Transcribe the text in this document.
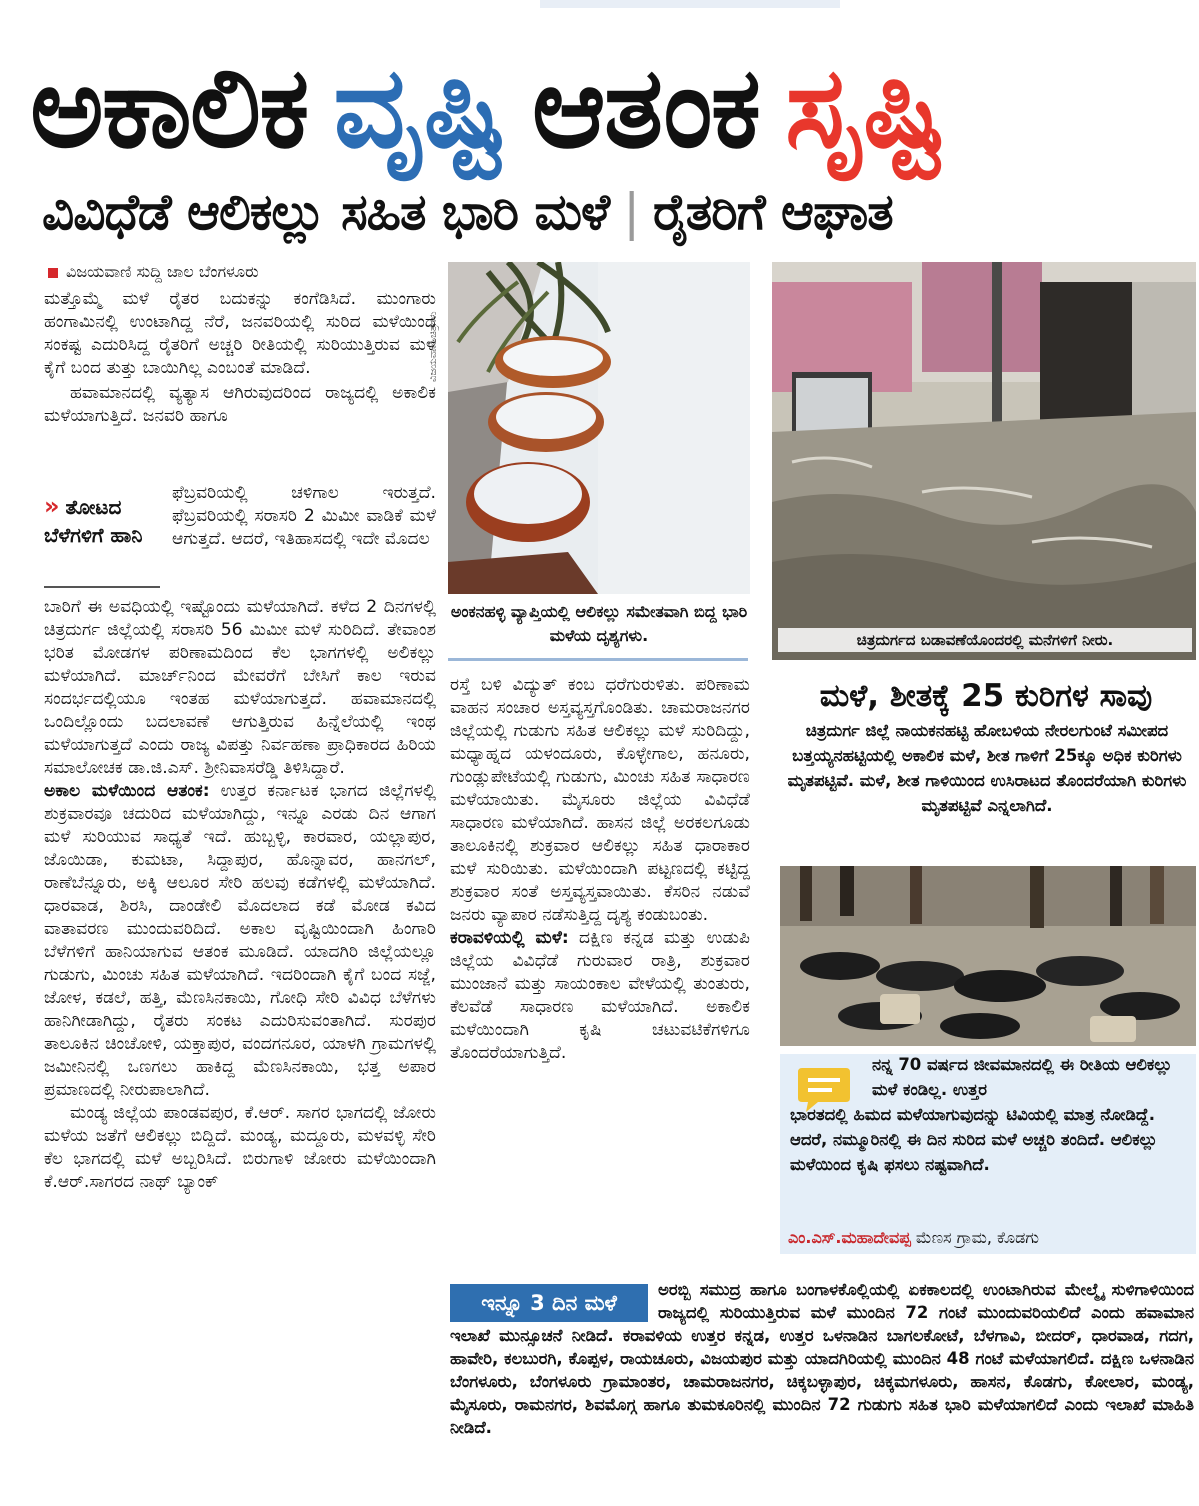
ಅಕಾಲಿಕ ವೃಷ್ಟಿ ಆತಂಕ ಸೃಷ್ಟಿ
ವಿವಿಧೆಡೆ ಆಲಿಕಲ್ಲು ಸಹಿತ ಭಾರಿ ಮಳೆ | ರೈತರಿಗೆ ಆಘಾತ
ವಿಜಯವಾಣಿ ಸುದ್ದಿ ಜಾಲ ಬೆಂಗಳೂರು

ಮತ್ತೊಮ್ಮೆ ಮಳೆ ರೈತರ ಬದುಕನ್ನು ಕಂಗೆಡಿಸಿದೆ. ಮುಂಗಾರು ಹಂಗಾಮಿನಲ್ಲಿ ಉಂಟಾಗಿದ್ದ ನೆರೆ, ಜನವರಿಯಲ್ಲಿ ಸುರಿದ ಮಳೆಯಿಂದ ಸಂಕಷ್ಟ ಎದುರಿಸಿದ್ದ ರೈತರಿಗೆ ಅಚ್ಚರಿ ರೀತಿಯಲ್ಲಿ ಸುರಿಯುತ್ತಿರುವ ಮಳೆ ಕೈಗೆ ಬಂದ ತುತ್ತು ಬಾಯಿಗಿಲ್ಲ ಎಂಬಂತೆ ಮಾಡಿದೆ.

ಹವಾಮಾನದಲ್ಲಿ ವ್ಯತ್ಯಾಸ ಆಗಿರುವುದರಿಂದ ರಾಜ್ಯದಲ್ಲಿ ಅಕಾಲಿಕ ಮಳೆಯಾಗುತ್ತಿದೆ. ಜನವರಿ ಹಾಗೂ

» ತೋಟದ ಬೆಳೆಗಳಿಗೆ ಹಾನಿ

ಫೆಬ್ರವರಿಯಲ್ಲಿ ಚಳಿಗಾಲ ಇರುತ್ತದೆ. ಫೆಬ್ರವರಿಯಲ್ಲಿ ಸರಾಸರಿ 2 ಮಿಮೀ ವಾಡಿಕೆ ಮಳೆ ಆಗುತ್ತದೆ. ಆದರೆ, ಇತಿಹಾಸದಲ್ಲಿ ಇದೇ ಮೊದಲ

ಬಾರಿಗೆ ಈ ಅವಧಿಯಲ್ಲಿ ಇಷ್ಟೊಂದು ಮಳೆಯಾಗಿದೆ. ಕಳೆದ 2 ದಿನಗಳಲ್ಲಿ ಚಿತ್ರದುರ್ಗ ಜಿಲ್ಲೆಯಲ್ಲಿ ಸರಾಸರಿ 56 ಮಿಮೀ ಮಳೆ ಸುರಿದಿದೆ. ತೇವಾಂಶ ಭರಿತ ಮೋಡಗಳ ಪರಿಣಾಮದಿಂದ ಕೆಲ ಭಾಗಗಳಲ್ಲಿ ಅಲಿಕಲ್ಲು ಮಳೆಯಾಗಿದೆ. ಮಾರ್ಚ್‌ನಿಂದ ಮೇವರೆಗೆ ಬೇಸಿಗೆ ಕಾಲ ಇರುವ ಸಂದರ್ಭದಲ್ಲಿಯೂ ಇಂತಹ ಮಳೆಯಾಗುತ್ತದೆ. ಹವಾಮಾನದಲ್ಲಿ ಒಂದಿಲ್ಲೊಂದು ಬದಲಾವಣೆ ಆಗುತ್ತಿರುವ ಹಿನ್ನೆಲೆಯಲ್ಲಿ ಇಂಥ ಮಳೆಯಾಗುತ್ತದೆ ಎಂದು ರಾಜ್ಯ ವಿಪತ್ತು ನಿರ್ವಹಣಾ ಪ್ರಾಧಿಕಾರದ ಹಿರಿಯ ಸಮಾಲೋಚಕ ಡಾ.ಜಿ.ಎಸ್. ಶ್ರೀನಿವಾಸರೆಡ್ಡಿ ತಿಳಿಸಿದ್ದಾರೆ.

ಅಕಾಲ ಮಳೆಯಿಂದ ಆತಂಕ: ಉತ್ತರ ಕರ್ನಾಟಕ ಭಾಗದ ಜಿಲ್ಲೆಗಳಲ್ಲಿ ಶುಕ್ರವಾರವೂ ಚದುರಿದ ಮಳೆಯಾಗಿದ್ದು, ಇನ್ನೂ ಎರಡು ದಿನ ಆಗಾಗ ಮಳೆ ಸುರಿಯುವ ಸಾಧ್ಯತೆ ಇದೆ. ಹುಬ್ಬಳ್ಳಿ, ಕಾರವಾರ, ಯಲ್ಲಾಪುರ, ಜೊಯಿಡಾ, ಕುಮಟಾ, ಸಿದ್ದಾಪುರ, ಹೊನ್ನಾವರ, ಹಾನಗಲ್, ರಾಣೆಬೆನ್ನೂರು, ಅಕ್ಕಿ ಆಲೂರ ಸೇರಿ ಹಲವು ಕಡೆಗಳಲ್ಲಿ ಮಳೆಯಾಗಿದೆ. ಧಾರವಾಡ, ಶಿರಸಿ, ದಾಂಡೇಲಿ ಮೊದಲಾದ ಕಡೆ ಮೋಡ ಕವಿದ ವಾತಾವರಣ ಮುಂದುವರಿದಿದೆ. ಅಕಾಲ ವೃಷ್ಟಿಯಿಂದಾಗಿ ಹಿಂಗಾರಿ ಬೆಳೆಗಳಿಗೆ ಹಾನಿಯಾಗುವ ಆತಂಕ ಮೂಡಿದೆ. ಯಾದಗಿರಿ ಜಿಲ್ಲೆಯಲ್ಲೂ ಗುಡುಗು, ಮಿಂಚು ಸಹಿತ ಮಳೆಯಾಗಿದೆ. ಇದರಿಂದಾಗಿ ಕೈಗೆ ಬಂದ ಸಜ್ಜೆ, ಜೋಳ, ಕಡಲೆ, ಹತ್ತಿ, ಮೆಣಸಿನಕಾಯಿ, ಗೋಧಿ ಸೇರಿ ವಿವಿಧ ಬೆಳೆಗಳು ಹಾನಿಗೀಡಾಗಿದ್ದು, ರೈತರು ಸಂಕಟ ಎದುರಿಸುವಂತಾಗಿದೆ. ಸುರಪುರ ತಾಲೂಕಿನ ಚಿಂಚೋಳಿ, ಯಕ್ತಾಪುರ, ವಂದಗನೂರ, ಯಾಳಗಿ ಗ್ರಾಮಗಳಲ್ಲಿ ಜಮೀನಿನಲ್ಲಿ ಒಣಗಲು ಹಾಕಿದ್ದ ಮೆಣಸಿನಕಾಯಿ, ಭತ್ತ ಅಪಾರ ಪ್ರಮಾಣದಲ್ಲಿ ನೀರುಪಾಲಾಗಿದೆ.

ಮಂಡ್ಯ ಜಿಲ್ಲೆಯ ಪಾಂಡವಪುರ, ಕೆ.ಆರ್. ಸಾಗರ ಭಾಗದಲ್ಲಿ ಜೋರು ಮಳೆಯ ಜತೆಗೆ ಆಲಿಕಲ್ಲು ಬಿದ್ದಿದೆ. ಮಂಡ್ಯ, ಮದ್ದೂರು, ಮಳವಳ್ಳಿ ಸೇರಿ ಕೆಲ ಭಾಗದಲ್ಲಿ ಮಳೆ ಅಬ್ಬರಿಸಿದೆ. ಬಿರುಗಾಳಿ ಜೋರು ಮಳೆಯಿಂದಾಗಿ ಕೆ.ಆರ್.ಸಾಗರದ ನಾಥ್ ಬ್ಯಾಂಕ್

ವಿಜಯವಾಣಿ ಚಿತ್ರಗಳು
ಅಂಕನಹಳ್ಳಿ ವ್ಯಾಪ್ತಿಯಲ್ಲಿ ಆಲಿಕಲ್ಲು ಸಮೇತವಾಗಿ ಬಿದ್ದ ಭಾರಿ ಮಳೆಯ ದೃಶ್ಯಗಳು.

ರಸ್ತೆ ಬಳಿ ವಿದ್ಯುತ್ ಕಂಬ ಧರೆಗುರುಳಿತು. ಪರಿಣಾಮ ವಾಹನ ಸಂಚಾರ ಅಸ್ತವ್ಯಸ್ತಗೊಂಡಿತು. ಚಾಮರಾಜನಗರ ಜಿಲ್ಲೆಯಲ್ಲಿ ಗುಡುಗು ಸಹಿತ ಆಲಿಕಲ್ಲು ಮಳೆ ಸುರಿದಿದ್ದು, ಮಧ್ಯಾಹ್ನದ ಯಳಂದೂರು, ಕೊಳ್ಳೇಗಾಲ, ಹನೂರು, ಗುಂಡ್ಲುಪೇಟೆಯಲ್ಲಿ ಗುಡುಗು, ಮಿಂಚು ಸಹಿತ ಸಾಧಾರಣ ಮಳೆಯಾಯಿತು. ಮೈಸೂರು ಜಿಲ್ಲೆಯ ವಿವಿಧೆಡೆ ಸಾಧಾರಣ ಮಳೆಯಾಗಿದೆ. ಹಾಸನ ಜಿಲ್ಲೆ ಅರಕಲಗೂಡು ತಾಲೂಕಿನಲ್ಲಿ ಶುಕ್ರವಾರ ಆಲಿಕಲ್ಲು ಸಹಿತ ಧಾರಾಕಾರ ಮಳೆ ಸುರಿಯಿತು. ಮಳೆಯಿಂದಾಗಿ ಪಟ್ಟಣದಲ್ಲಿ ಕಟ್ಟಿದ್ದ ಶುಕ್ರವಾರ ಸಂತೆ ಅಸ್ತವ್ಯಸ್ತವಾಯಿತು. ಕೆಸರಿನ ನಡುವೆ ಜನರು ವ್ಯಾಪಾರ ನಡೆಸುತ್ತಿದ್ದ ದೃಶ್ಯ ಕಂಡುಬಂತು.

ಕರಾವಳಿಯಲ್ಲಿ ಮಳೆ: ದಕ್ಷಿಣ ಕನ್ನಡ ಮತ್ತು ಉಡುಪಿ ಜಿಲ್ಲೆಯ ವಿವಿಧೆಡೆ ಗುರುವಾರ ರಾತ್ರಿ, ಶುಕ್ರವಾರ ಮುಂಜಾನೆ ಮತ್ತು ಸಾಯಂಕಾಲ ವೇಳೆಯಲ್ಲಿ ತುಂತುರು, ಕೆಲವೆಡೆ ಸಾಧಾರಣ ಮಳೆಯಾಗಿದೆ. ಅಕಾಲಿಕ ಮಳೆಯಿಂದಾಗಿ ಕೃಷಿ ಚಟುವಟಿಕೆಗಳಿಗೂ ತೊಂದರೆಯಾಗುತ್ತಿದೆ.

ಚಿತ್ರದುರ್ಗದ ಬಡಾವಣೆಯೊಂದರಲ್ಲಿ ಮನೆಗಳಿಗೆ ನೀರು.
ಮಳೆ, ಶೀತಕ್ಕೆ 25 ಕುರಿಗಳ ಸಾವು
ಚಿತ್ರದುರ್ಗ ಜಿಲ್ಲೆ ನಾಯಕನಹಟ್ಟಿ ಹೋಬಳಿಯ ನೇರಲಗುಂಟೆ ಸಮೀಪದ ಬತ್ತಯ್ಯನಹಟ್ಟಿಯಲ್ಲಿ ಅಕಾಲಿಕ ಮಳೆ, ಶೀತ ಗಾಳಿಗೆ 25ಕ್ಕೂ ಅಧಿಕ ಕುರಿಗಳು ಮೃತಪಟ್ಟಿವೆ. ಮಳೆ, ಶೀತ ಗಾಳಿಯಿಂದ ಉಸಿರಾಟದ ತೊಂದರೆಯಾಗಿ ಕುರಿಗಳು ಮೃತಪಟ್ಟಿವೆ ಎನ್ನಲಾಗಿದೆ.
ನನ್ನ 70 ವರ್ಷದ ಜೀವಮಾನದಲ್ಲಿ ಈ ರೀತಿಯ ಆಲಿಕಲ್ಲು ಮಳೆ ಕಂಡಿಲ್ಲ. ಉತ್ತರ
ಭಾರತದಲ್ಲಿ ಹಿಮದ ಮಳೆಯಾಗುವುದನ್ನು ಟಿವಿಯಲ್ಲಿ ಮಾತ್ರ ನೋಡಿದ್ದೆ. ಆದರೆ, ನಮ್ಮೂರಿನಲ್ಲಿ ಈ ದಿನ ಸುರಿದ ಮಳೆ ಅಚ್ಚರಿ ತಂದಿದೆ. ಆಲಿಕಲ್ಲು ಮಳೆಯಿಂದ ಕೃಷಿ ಫಸಲು ನಷ್ಟವಾಗಿದೆ.
ಎಂ.ಎಸ್.ಮಹಾದೇವಪ್ಪ ಮೆಣಸ ಗ್ರಾಮ, ಕೊಡಗು
ಅರಬ್ಬಿ ಸಮುದ್ರ ಹಾಗೂ ಬಂಗಾಳಕೊಲ್ಲಿಯಲ್ಲಿ ಏಕಕಾಲದಲ್ಲಿ ಉಂಟಾಗಿರುವ ಮೇಲ್ಮೈ ಸುಳಿಗಾಳಿಯಿಂದ ರಾಜ್ಯದಲ್ಲಿ ಸುರಿಯುತ್ತಿರುವ ಮಳೆ ಮುಂದಿನ 72 ಗಂಟೆ ಮುಂದುವರಿಯಲಿದೆ ಎಂದು ಹವಾಮಾನ ಇಲಾಖೆ ಮುನ್ಸೂಚನೆ ನೀಡಿದೆ. ಕರಾವಳಿಯ ಉತ್ತರ ಕನ್ನಡ, ಉತ್ತರ ಒಳನಾಡಿನ ಬಾಗಲಕೋಟೆ, ಬೆಳಗಾವಿ, ಬೀದರ್, ಧಾರವಾಡ, ಗದಗ, ಹಾವೇರಿ, ಕಲಬುರಗಿ, ಕೊಪ್ಪಳ, ರಾಯಚೂರು, ವಿಜಯಪುರ ಮತ್ತು ಯಾದಗಿರಿಯಲ್ಲಿ ಮುಂದಿನ 48 ಗಂಟೆ ಮಳೆಯಾಗಲಿದೆ. ದಕ್ಷಿಣ ಒಳನಾಡಿನ ಬೆಂಗಳೂರು, ಬೆಂಗಳೂರು ಗ್ರಾಮಾಂತರ, ಚಾಮರಾಜನಗರ, ಚಿಕ್ಕಬಳ್ಳಾಪುರ, ಚಿಕ್ಕಮಗಳೂರು, ಹಾಸನ, ಕೊಡಗು, ಕೋಲಾರ, ಮಂಡ್ಯ, ಮೈಸೂರು, ರಾಮನಗರ, ಶಿವಮೊಗ್ಗ ಹಾಗೂ ತುಮಕೂರಿನಲ್ಲಿ ಮುಂದಿನ 72 ಗುಡುಗು ಸಹಿತ ಭಾರಿ ಮಳೆಯಾಗಲಿದೆ ಎಂದು ಇಲಾಖೆ ಮಾಹಿತಿ ನೀಡಿದೆ.
ಇನ್ನೂ 3 ದಿನ ಮಳೆ
